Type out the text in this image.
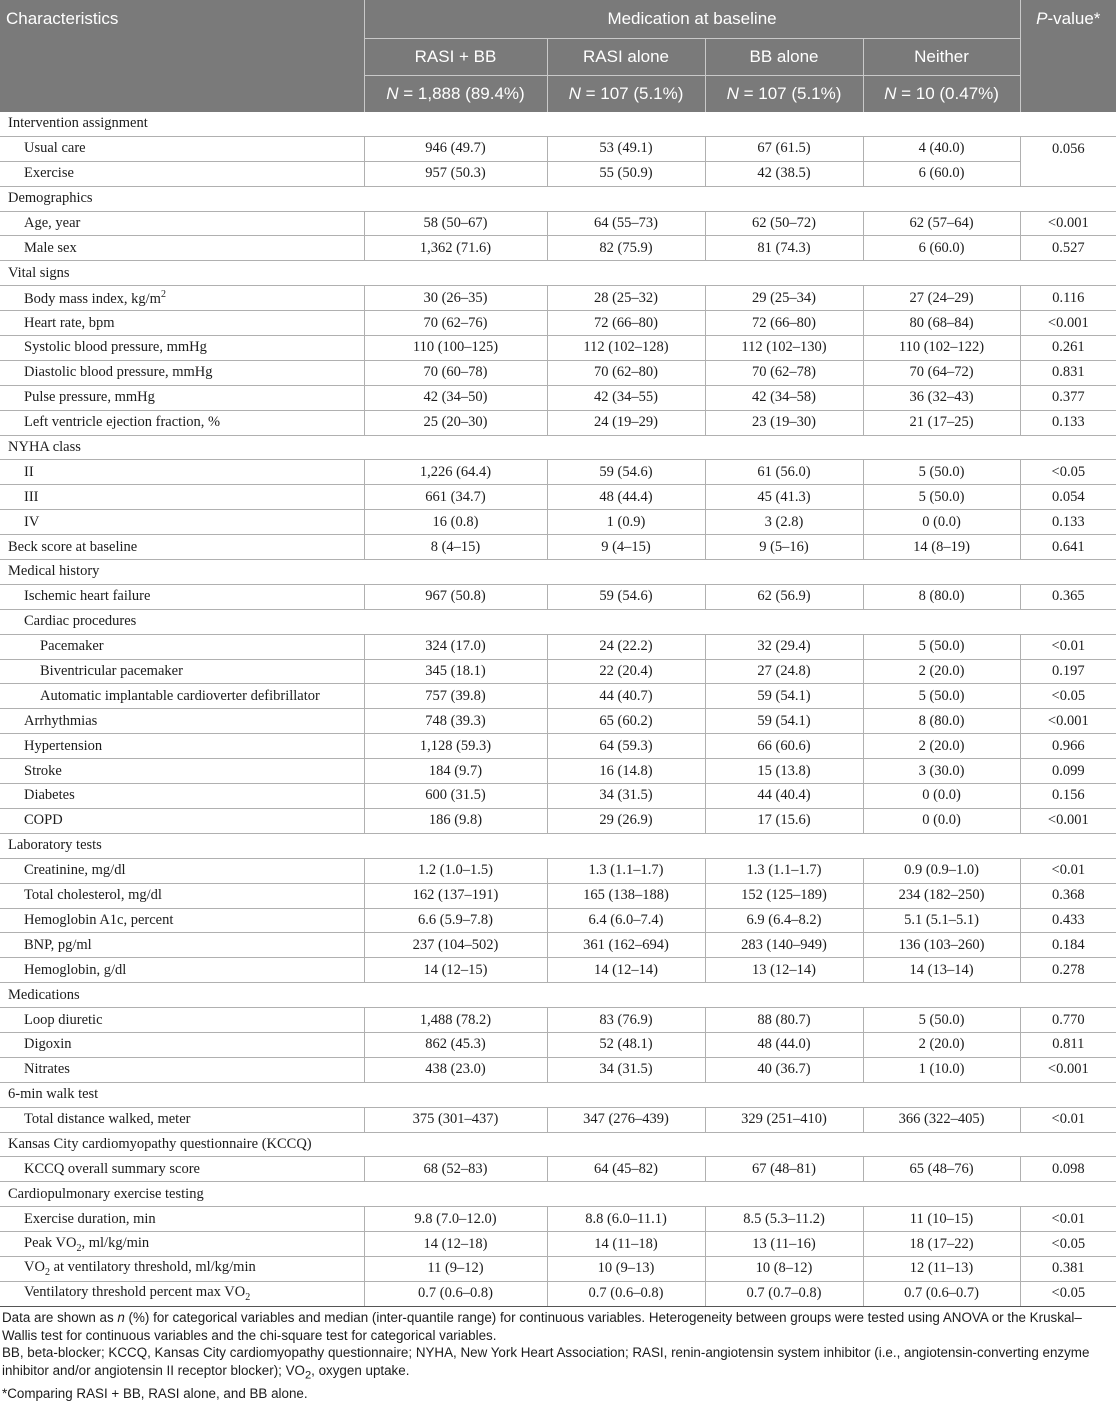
Characteristics	Medication at baseline				P-value*
	RASI + BB	RASI alone	BB alone	Neither	
	N = 1,888 (89.4%)	N = 107 (5.1%)	N = 107 (5.1%)	N = 10 (0.47%)	
Intervention assignment					
Usual care	946 (49.7)	53 (49.1)	67 (61.5)	4 (40.0)	0.056
Exercise	957 (50.3)	55 (50.9)	42 (38.5)	6 (60.0)	
Demographics					
Age, year	58 (50–67)	64 (55–73)	62 (50–72)	62 (57–64)	<0.001
Male sex	1,362 (71.6)	82 (75.9)	81 (74.3)	6 (60.0)	0.527
Vital signs					
Body mass index, $kg/m^2$	30 (26–35)	28 (25–32)	29 (25–34)	27 (24–29)	0.116
Heart rate, bpm	70 (62–76)	72 (66–80)	72 (66–80)	80 (68–84)	<0.001
Systolic blood pressure, mmHg	110 (100–125)	112 (102–128)	112 (102–130)	110 (102–122)	0.261
Diastolic blood pressure, mmHg	70 (60–78)	70 (62–80)	70 (62–78)	70 (64–72)	0.831
Pulse pressure, mmHg	42 (34–50)	42 (34–55)	42 (34–58)	36 (32–43)	0.377
Left ventricle ejection fraction, %	25 (20–30)	24 (19–29)	23 (19–30)	21 (17–25)	0.133
NYHA class					
II	1,226 (64.4)	59 (54.6)	61 (56.0)	5 (50.0)	<0.05
III	661 (34.7)	48 (44.4)	45 (41.3)	5 (50.0)	0.054
IV	16 (0.8)	1 (0.9)	3 (2.8)	0 (0.0)	0.133
Beck score at baseline	8 (4–15)	9 (4–15)	9 (5–16)	14 (8–19)	0.641
Medical history					
Ischemic heart failure	967 (50.8)	59 (54.6)	62 (56.9)	8 (80.0)	0.365
Cardiac procedures					
Pacemaker	324 (17.0)	24 (22.2)	32 (29.4)	5 (50.0)	<0.01
Biventricular pacemaker	345 (18.1)	22 (20.4)	27 (24.8)	2 (20.0)	0.197
Automatic implantable cardioverter defibrillator	757 (39.8)	44 (40.7)	59 (54.1)	5 (50.0)	<0.05
Arrhythmias	748 (39.3)	65 (60.2)	59 (54.1)	8 (80.0)	<0.001
Hypertension	1,128 (59.3)	64 (59.3)	66 (60.6)	2 (20.0)	0.966
Stroke	184 (9.7)	16 (14.8)	15 (13.8)	3 (30.0)	0.099
Diabetes	600 (31.5)	34 (31.5)	44 (40.4)	0 (0.0)	0.156
COPD	186 (9.8)	29 (26.9)	17 (15.6)	0 (0.0)	<0.001
Laboratory tests					
Creatinine, mg/dl	1.2 (1.0–1.5)	1.3 (1.1–1.7)	1.3 (1.1–1.7)	0.9 (0.9–1.0)	<0.01
Total cholesterol, mg/dl	162 (137–191)	165 (138–188)	152 (125–189)	234 (182–250)	0.368
Hemoglobin A1c, percent	6.6 (5.9–7.8)	6.4 (6.0–7.4)	6.9 (6.4–8.2)	5.1 (5.1–5.1)	0.433
BNP, pg/ml	237 (104–502)	361 (162–694)	283 (140–949)	136 (103–260)	0.184
Hemoglobin, g/dl	14 (12–15)	14 (12–14)	13 (12–14)	14 (13–14)	0.278
Medications					
Loop diuretic	1,488 (78.2)	83 (76.9)	88 (80.7)	5 (50.0)	0.770
Digoxin	862 (45.3)	52 (48.1)	48 (44.0)	2 (20.0)	0.811
Nitrates	438 (23.0)	34 (31.5)	40 (36.7)	1 (10.0)	<0.001
6-min walk test					
Total distance walked, meter	375 (301–437)	347 (276–439)	329 (251–410)	366 (322–405)	<0.01
Kansas City cardiomyopathy questionnaire (KCCQ)					
KCCQ overall summary score	68 (52–83)	64 (45–82)	67 (48–81)	65 (48–76)	0.098
Cardiopulmonary exercise testing					
Exercise duration, min	9.8 (7.0–12.0)	8.8 (6.0–11.1)	8.5 (5.3–11.2)	11 (10–15)	<0.01
Peak $VO_2$, ml/kg/min	14 (12–18)	14 (11–18)	13 (11–16)	18 (17–22)	<0.05
$VO_2$ at ventilatory threshold, ml/kg/min	11 (9–12)	10 (9–13)	10 (8–12)	12 (11–13)	0.381
Ventilatory threshold percent $\max VO_2$	0.7 (0.6–0.8)	0.7 (0.6–0.8)	0.7 (0.7–0.8)	0.7 (0.6–0.7)	<0.05

Data are shown as n (%) for categorical variables and median (inter-quantile range) for continuous variables. Heterogeneity between groups were tested using ANOVA or the Kruskal–Wallis test for continuous variables and the chi-square test for categorical variables.

BB, beta-blocker; KCCQ, Kansas City cardiomyopathy questionnaire; NYHA, New York Heart Association; RASI, renin-angiotensin system inhibitor (i.e., angiotensin-converting enzyme inhibitor and/or angiotensin II receptor blocker); $VO_2$, oxygen uptake.

*Comparing RASI + BB, RASI alone, and BB alone.
